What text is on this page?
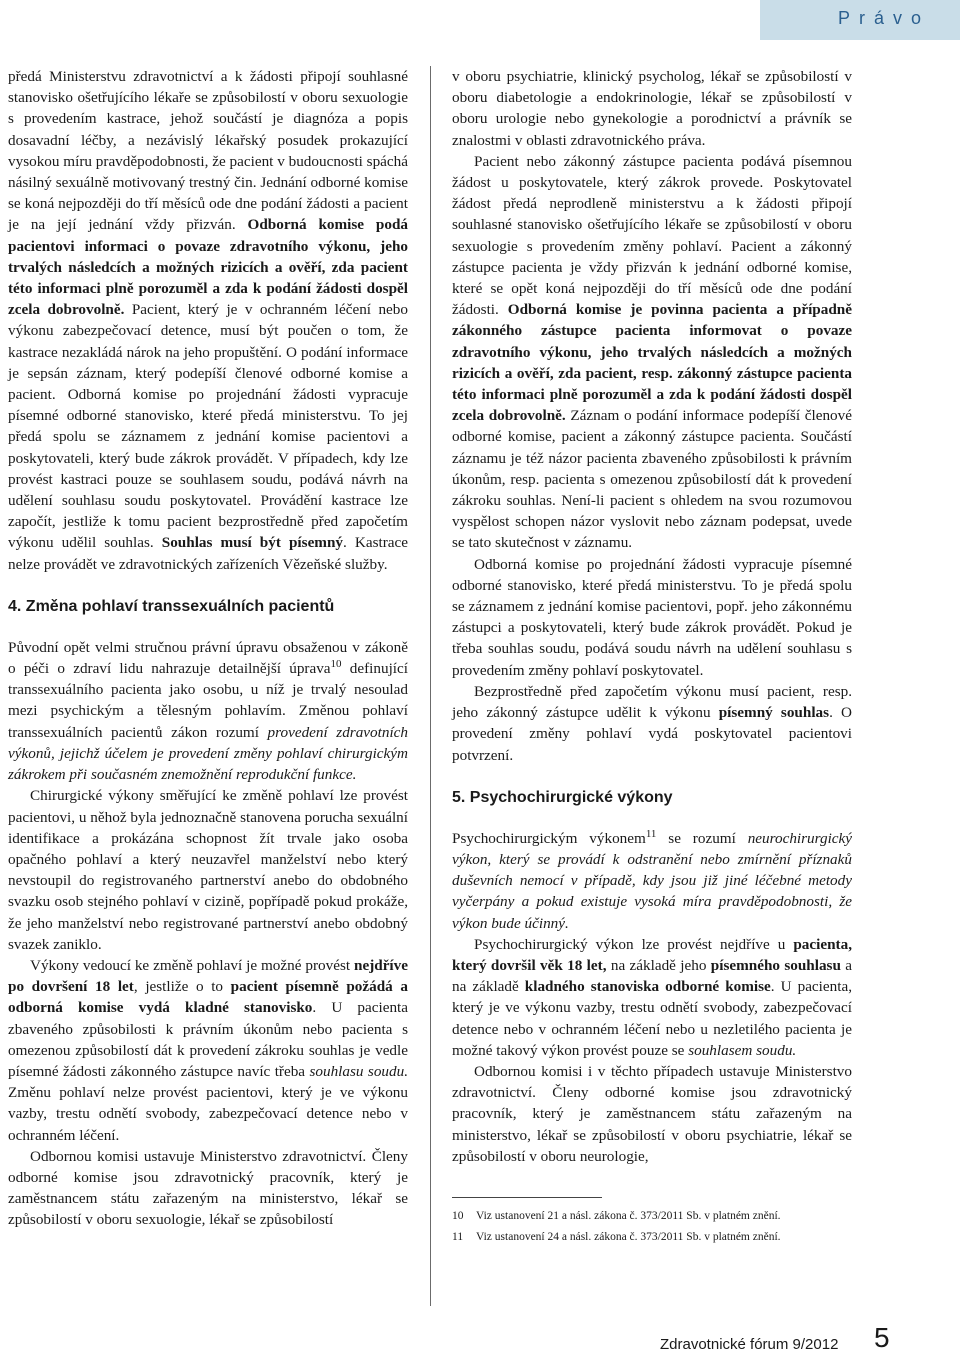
Právo

předá Ministerstvu zdravotnictví a k žádosti připojí souhlasné stanovisko ošetřujícího lékaře se způsobilostí v oboru sexuologie s provedením kastrace, jehož součástí je diagnóza a popis dosavadní léčby, a nezávislý lékařský posudek prokazující vysokou míru pravděpodobnosti, že pacient v budoucnosti spáchá násilný sexuálně motivovaný trestný čin. Jednání odborné komise se koná nejpozději do tří měsíců ode dne podání žádosti a pacient je na její jednání vždy přizván. Odborná komise podá pacientovi informaci o povaze zdravotního výkonu, jeho trvalých následcích a možných rizicích a ověří, zda pacient této informaci plně porozuměl a zda k podání žádosti dospěl zcela dobrovolně. Pacient, který je v ochranném léčení nebo výkonu zabezpečovací detence, musí být poučen o tom, že kastrace nezakládá nárok na jeho propuštění. O podání informace je sepsán záznam, který podepíší členové odborné komise a pacient. Odborná komise po projednání žádosti vypracuje písemné odborné stanovisko, které předá ministerstvu. To jej předá spolu se záznamem z jednání komise pacientovi a poskytovateli, který bude zákrok provádět. V případech, kdy lze provést kastraci pouze se souhlasem soudu, podává návrh na udělení souhlasu soudu poskytovatel. Provádění kastrace lze započít, jestliže k tomu pacient bezprostředně před započetím výkonu udělil souhlas. Souhlas musí být písemný. Kastrace nelze provádět ve zdravotnických zařízeních Vězeňské služby.

4. Změna pohlaví transsexuálních pacientů

Původní opět velmi stručnou právní úpravu obsaženou v zákoně o péči o zdraví lidu nahrazuje detailnější úprava$^{10}$ definující transsexuálního pacienta jako osobu, u níž je trvalý nesoulad mezi psychickým a tělesným pohlavím. Změnou pohlaví transsexuálních pacientů zákon rozumí provedení zdravotních výkonů, jejichž účelem je provedení změny pohlaví chirurgickým zákrokem při současném znemožnění reprodukční funkce.

Chirurgické výkony směřující ke změně pohlaví lze provést pacientovi, u něhož byla jednoznačně stanovena porucha sexuální identifikace a prokázána schopnost žít trvale jako osoba opačného pohlaví a který neuzavřel manželství nebo který nevstoupil do registrovaného partnerství anebo do obdobného svazku osob stejného pohlaví v cizině, popřípadě pokud prokáže, že jeho manželství nebo registrované partnerství anebo obdobný svazek zaniklo.

Výkony vedoucí ke změně pohlaví je možné provést nejdříve po dovršení 18 let, jestliže o to pacient písemně požádá a odborná komise vydá kladné stanovisko. U pacienta zbaveného způsobilosti k právním úkonům nebo pacienta s omezenou způsobilostí dát k provedení zákroku souhlas je vedle písemné žádosti zákonného zástupce navíc třeba souhlasu soudu. Změnu pohlaví nelze provést pacientovi, který je ve výkonu vazby, trestu odnětí svobody, zabezpečovací detence nebo v ochranném léčení.

Odbornou komisi ustavuje Ministerstvo zdravotnictví. Členy odborné komise jsou zdravotnický pracovník, který je zaměstnancem státu zařazeným na ministerstvo, lékař se způsobilostí v oboru sexuologie, lékař se způsobilostí

v oboru psychiatrie, klinický psycholog, lékař se způsobilostí v oboru diabetologie a endokrinologie, lékař se způsobilostí v oboru urologie nebo gynekologie a porodnictví a právník se znalostmi v oblasti zdravotnického práva.

Pacient nebo zákonný zástupce pacienta podává písemnou žádost u poskytovatele, který zákrok provede. Poskytovatel žádost předá neprodleně ministerstvu a k žádosti připojí souhlasné stanovisko ošetřujícího lékaře se způsobilostí v oboru sexuologie s provedením změny pohlaví. Pacient a zákonný zástupce pacienta je vždy přizván k jednání odborné komise, které se opět koná nejpozději do tří měsíců ode dne podání žádosti. Odborná komise je povinna pacienta a případně zákonného zástupce pacienta informovat o povaze zdravotního výkonu, jeho trvalých následcích a možných rizicích a ověří, zda pacient, resp. zákonný zástupce pacienta této informaci plně porozuměl a zda k podání žádosti dospěl zcela dobrovolně. Záznam o podání informace podepíší členové odborné komise, pacient a zákonný zástupce pacienta. Součástí záznamu je též názor pacienta zbaveného způsobilosti k právním úkonům, resp. pacienta s omezenou způsobilostí dát k provedení zákroku souhlas. Není-li pacient s ohledem na svou rozumovou vyspělost schopen názor vyslovit nebo záznam podepsat, uvede se tato skutečnost v záznamu.

Odborná komise po projednání žádosti vypracuje písemné odborné stanovisko, které předá ministerstvu. To je předá spolu se záznamem z jednání komise pacientovi, popř. jeho zákonnému zástupci a poskytovateli, který bude zákrok provádět. Pokud je třeba souhlas soudu, podává soudu návrh na udělení souhlasu s provedením změny pohlaví poskytovatel.

Bezprostředně před započetím výkonu musí pacient, resp. jeho zákonný zástupce udělit k výkonu písemný souhlas. O provedení změny pohlaví vydá poskytovatel pacientovi potvrzení.

5. Psychochirurgické výkony

Psychochirurgickým výkonem$^{11}$ se rozumí neurochirurgický výkon, který se provádí k odstranění nebo zmírnění příznaků duševních nemocí v případě, kdy jsou již jiné léčebné metody vyčerpány a pokud existuje vysoká míra pravděpodobnosti, že výkon bude účinný.

Psychochirurgický výkon lze provést nejdříve u pacienta, který dovršil věk 18 let, na základě jeho písemného souhlasu a na základě kladného stanoviska odborné komise. U pacienta, který je ve výkonu vazby, trestu odnětí svobody, zabezpečovací detence nebo v ochranném léčení nebo u nezletilého pacienta je možné takový výkon provést pouze se souhlasem soudu.

Odbornou komisi i v těchto případech ustavuje Ministerstvo zdravotnictví. Členy odborné komise jsou zdravotnický pracovník, který je zaměstnancem státu zařazeným na ministerstvo, lékař se způsobilostí v oboru psychiatrie, lékař se způsobilostí v oboru neurologie,

10	Viz ustanovení 21 a násl. zákona č. 373/2011 Sb. v platném znění.
11	Viz ustanovení 24 a násl. zákona č. 373/2011 Sb. v platném znění.
Zdravotnické fórum 9/2012 5
